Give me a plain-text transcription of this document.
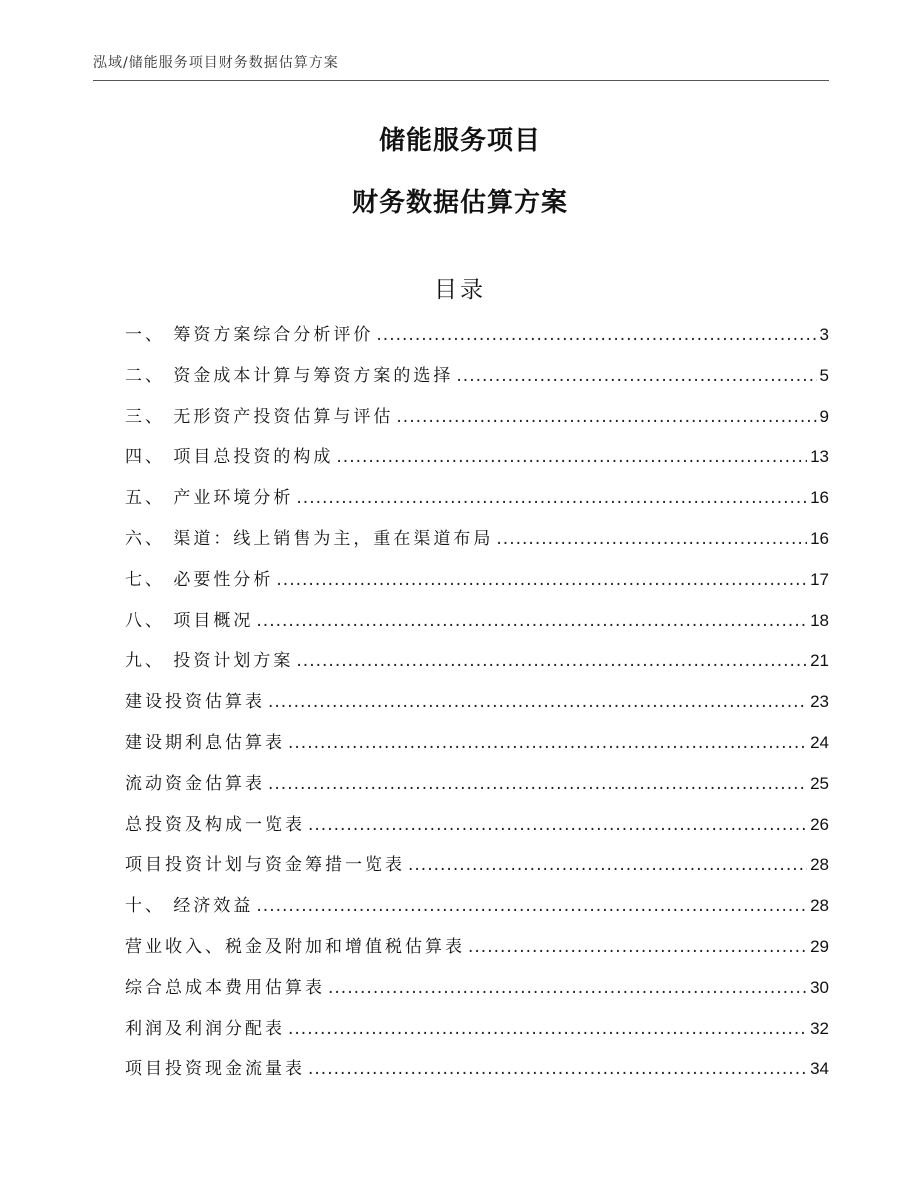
泓域/储能服务项目财务数据估算方案
储能服务项目
财务数据估算方案
目录
一、 筹资方案综合分析评价 .....	3
二、 资金成本计算与筹资方案的选择 .....	5
三、 无形资产投资估算与评估 .....	9
四、 项目总投资的构成 .....	13
五、 产业环境分析 .....	16
六、 渠道：线上销售为主，重在渠道布局 .....	16
七、 必要性分析 .....	17
八、 项目概况 .....	18
九、 投资计划方案 .....	21
建设投资估算表 .....	23
建设期利息估算表 .....	24
流动资金估算表 .....	25
总投资及构成一览表 .....	26
项目投资计划与资金筹措一览表 .....	28
十、 经济效益 .....	28
营业收入、税金及附加和增值税估算表 .....	29
综合总成本费用估算表 .....	30
利润及利润分配表 .....	32
项目投资现金流量表 .....	34
